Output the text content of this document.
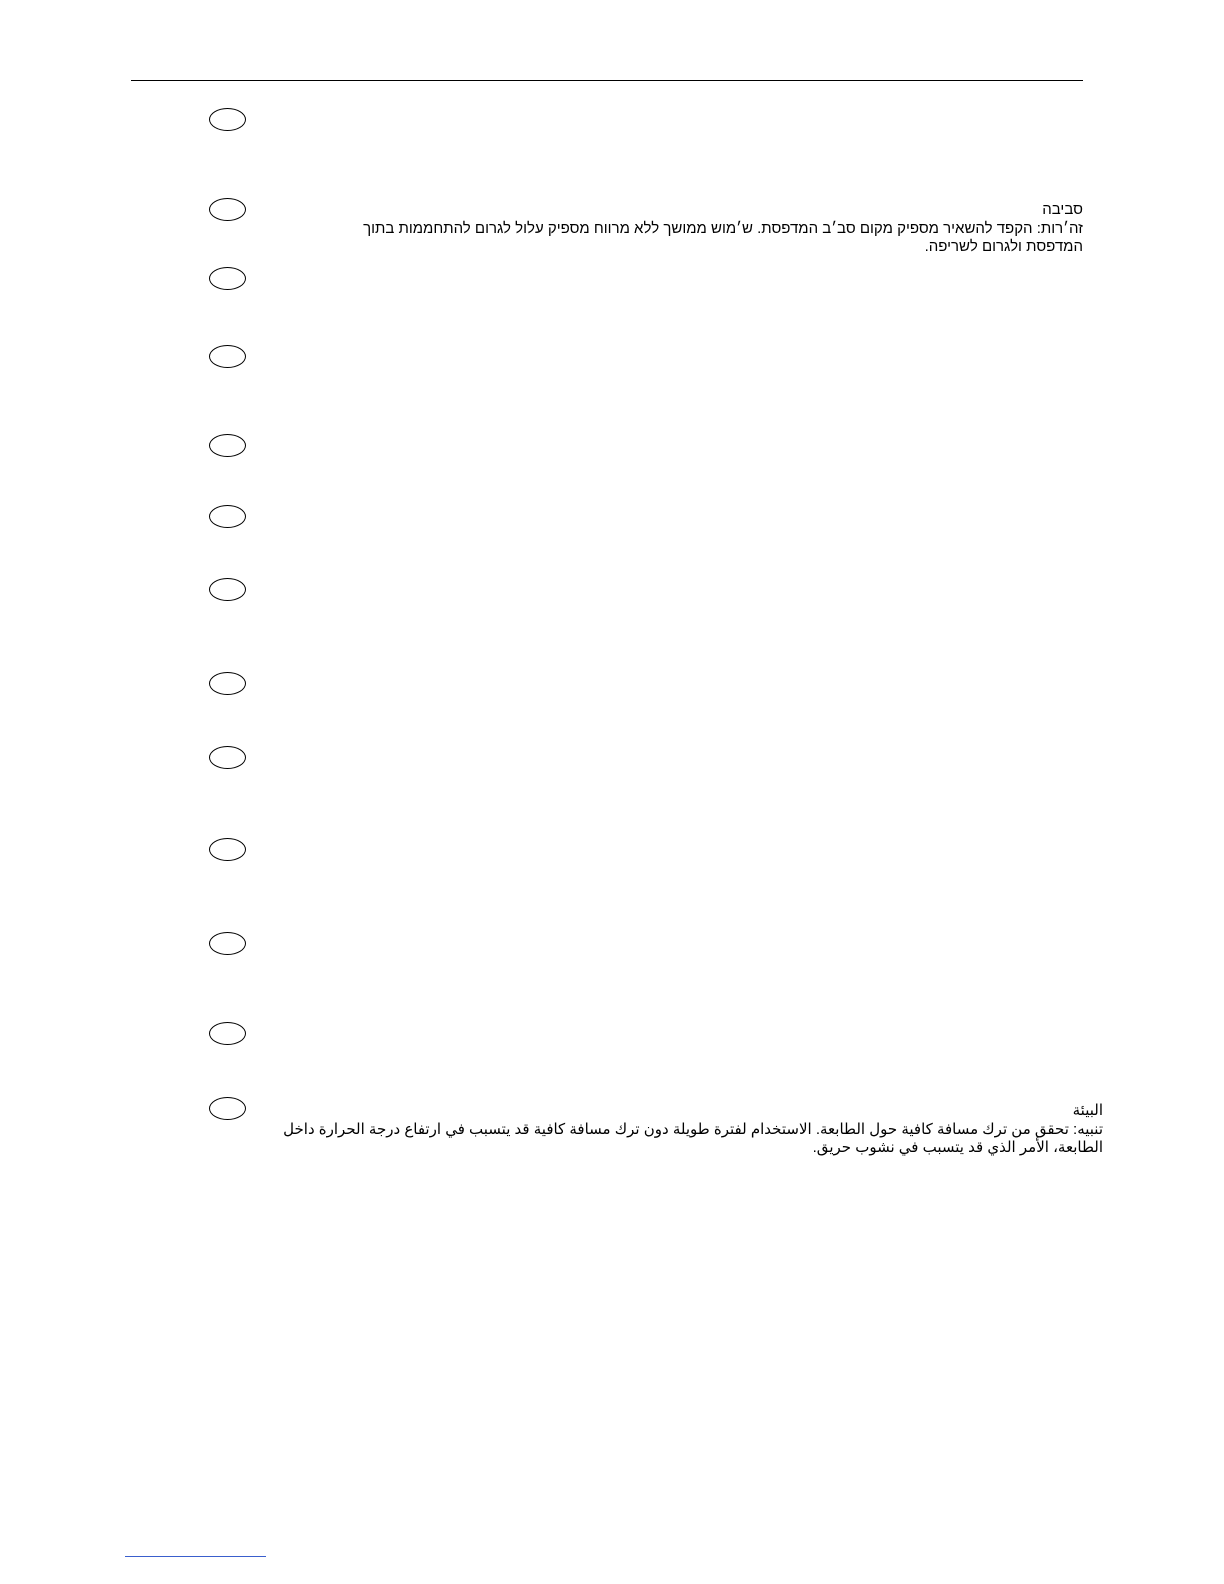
סביבה
זה׳רות: הקפד להשאיר מספיק מקום סב׳ב המדפסת. ש׳מוש ממושך ללא מרווח מספיק עלול לגרום להתחממות בתוך המדפסת ולגרום לשריפה.
البيئة
تنبيه: تحقق من ترك مسافة كافية حول الطابعة. الاستخدام لفترة طويلة دون ترك مسافة كافية قد يتسبب في ارتفاع درجة الحرارة داخل الطابعة، الأمر الذي قد يتسبب في نشوب حريق.
